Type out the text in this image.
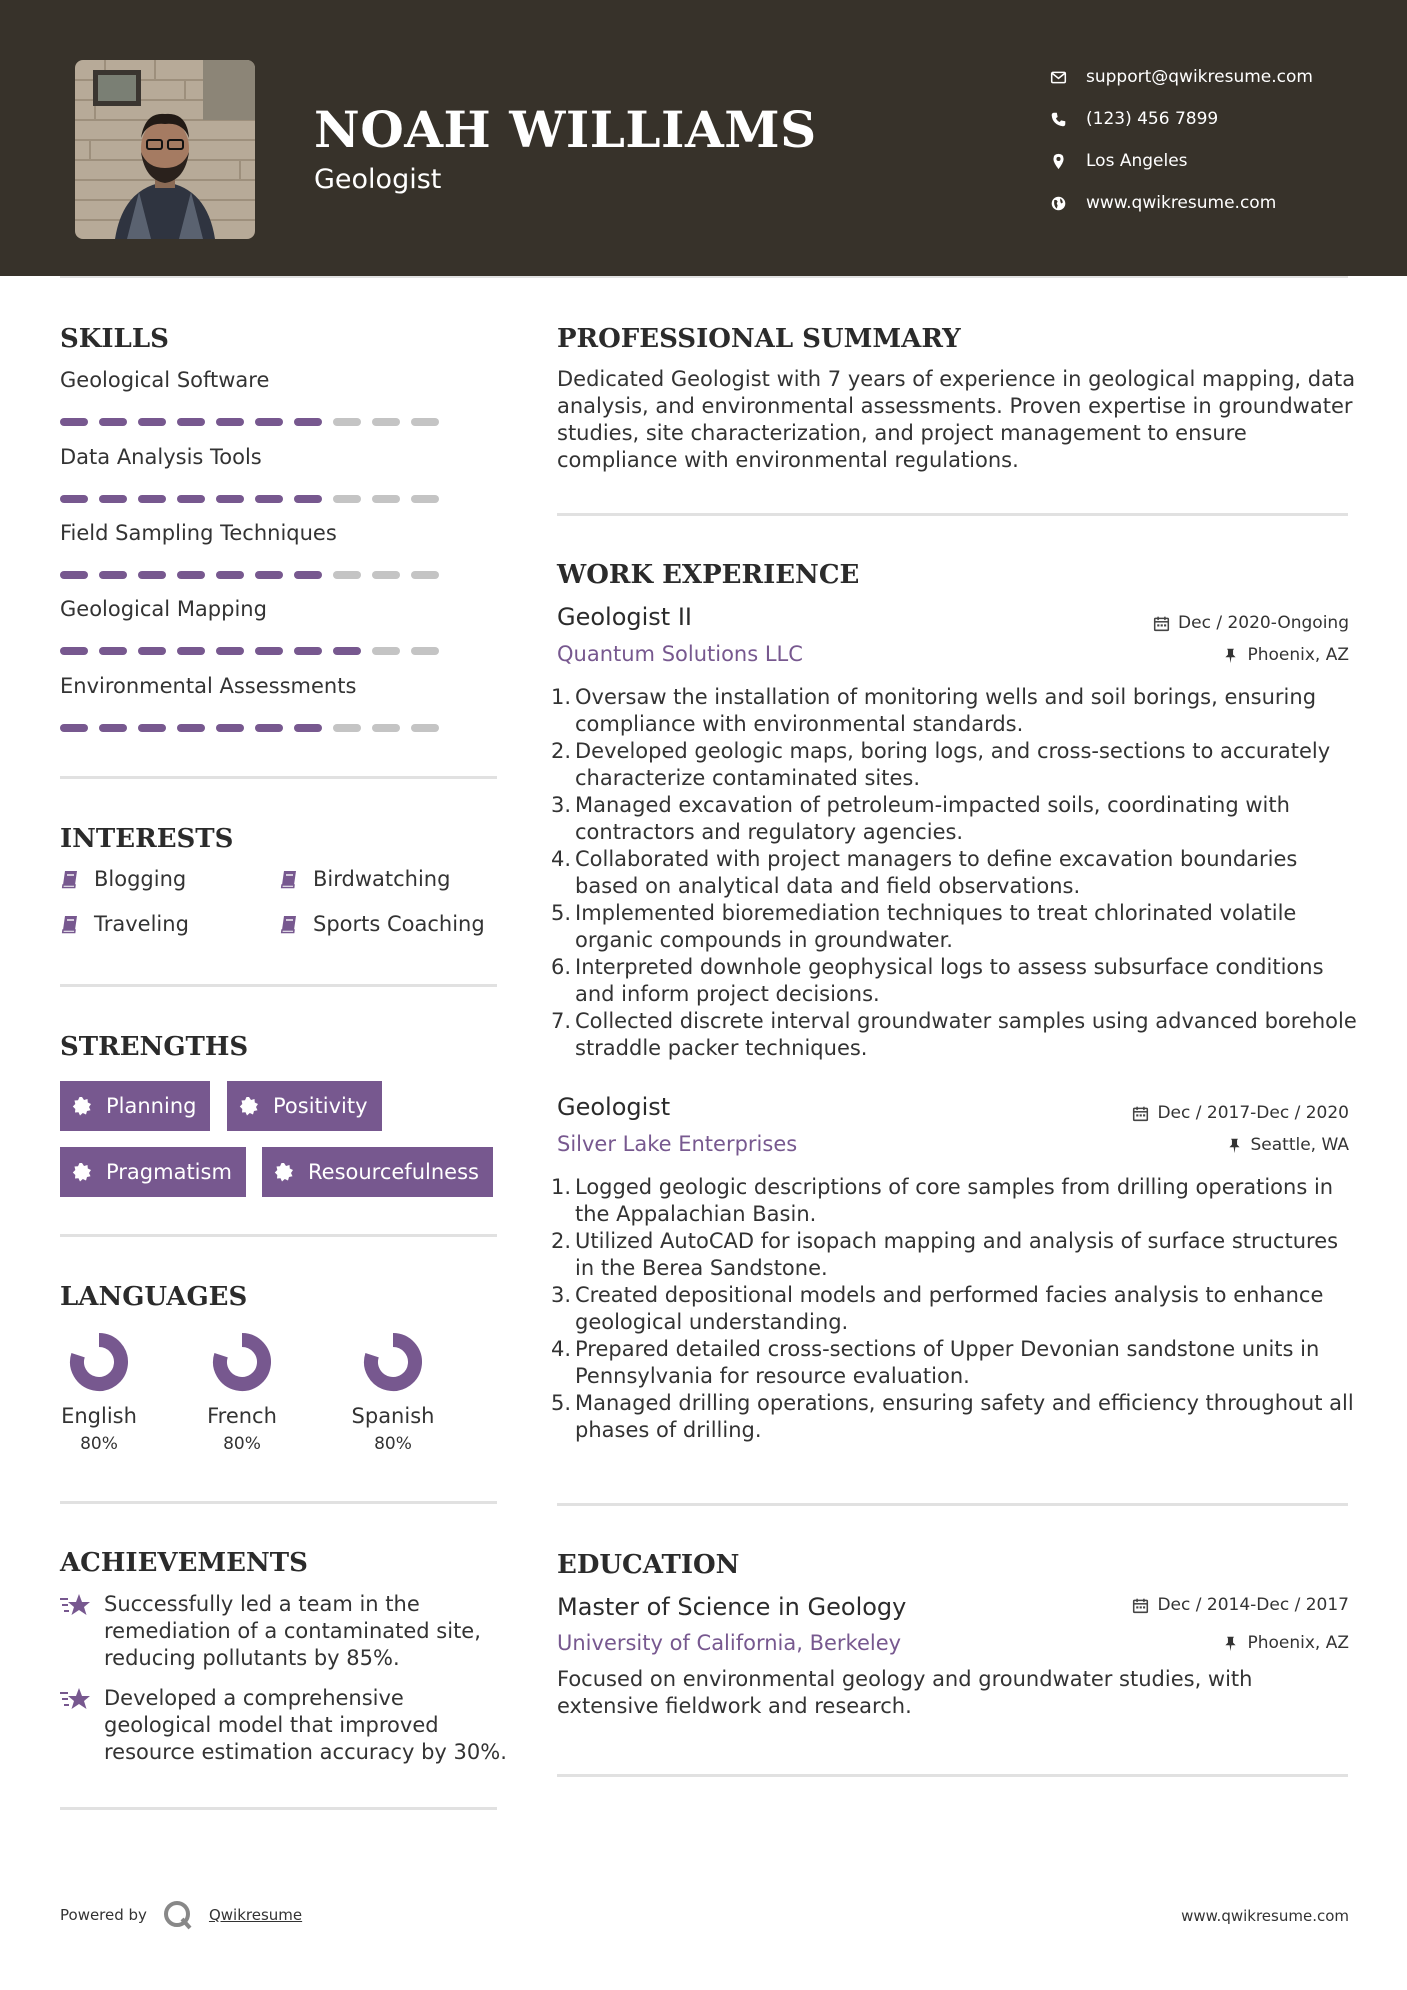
NOAH WILLIAMS
Geologist
support@qwikresume.com
(123) 456 7899
Los Angeles
www.qwikresume.com
SKILLS
Geological Software
Data Analysis Tools
Field Sampling Techniques
Geological Mapping
Environmental Assessments
INTERESTS
Blogging	Birdwatching
Traveling	Sports Coaching
STRENGTHS
Planning	Positivity
Pragmatism	Resourcefulness
LANGUAGES
English
80%
French
80%
Spanish
80%
ACHIEVEMENTS
Successfully led a team in the remediation of a contaminated site, reducing pollutants by 85%.
Developed a comprehensive geological model that improved resource estimation accuracy by 30%.
PROFESSIONAL SUMMARY
Dedicated Geologist with 7 years of experience in geological mapping, data analysis, and environmental assessments. Proven expertise in groundwater studies, site characterization, and project management to ensure compliance with environmental regulations.
WORK EXPERIENCE
Geologist II	Dec / 2020-Ongoing
Quantum Solutions LLC	Phoenix, AZ
Oversaw the installation of monitoring wells and soil borings, ensuring compliance with environmental standards.
Developed geologic maps, boring logs, and cross-sections to accurately characterize contaminated sites.
Managed excavation of petroleum-impacted soils, coordinating with contractors and regulatory agencies.
Collaborated with project managers to define excavation boundaries based on analytical data and field observations.
Implemented bioremediation techniques to treat chlorinated volatile organic compounds in groundwater.
Interpreted downhole geophysical logs to assess subsurface conditions and inform project decisions.
Collected discrete interval groundwater samples using advanced borehole straddle packer techniques.
Geologist	Dec / 2017-Dec / 2020
Silver Lake Enterprises	Seattle, WA
Logged geologic descriptions of core samples from drilling operations in the Appalachian Basin.
Utilized AutoCAD for isopach mapping and analysis of surface structures in the Berea Sandstone.
Created depositional models and performed facies analysis to enhance geological understanding.
Prepared detailed cross-sections of Upper Devonian sandstone units in Pennsylvania for resource evaluation.
Managed drilling operations, ensuring safety and efficiency throughout all phases of drilling.
EDUCATION
Master of Science in Geology	Dec / 2014-Dec / 2017
University of California, Berkeley	Phoenix, AZ
Focused on environmental geology and groundwater studies, with extensive fieldwork and research.
Powered by	Qwikresume	www.qwikresume.com
